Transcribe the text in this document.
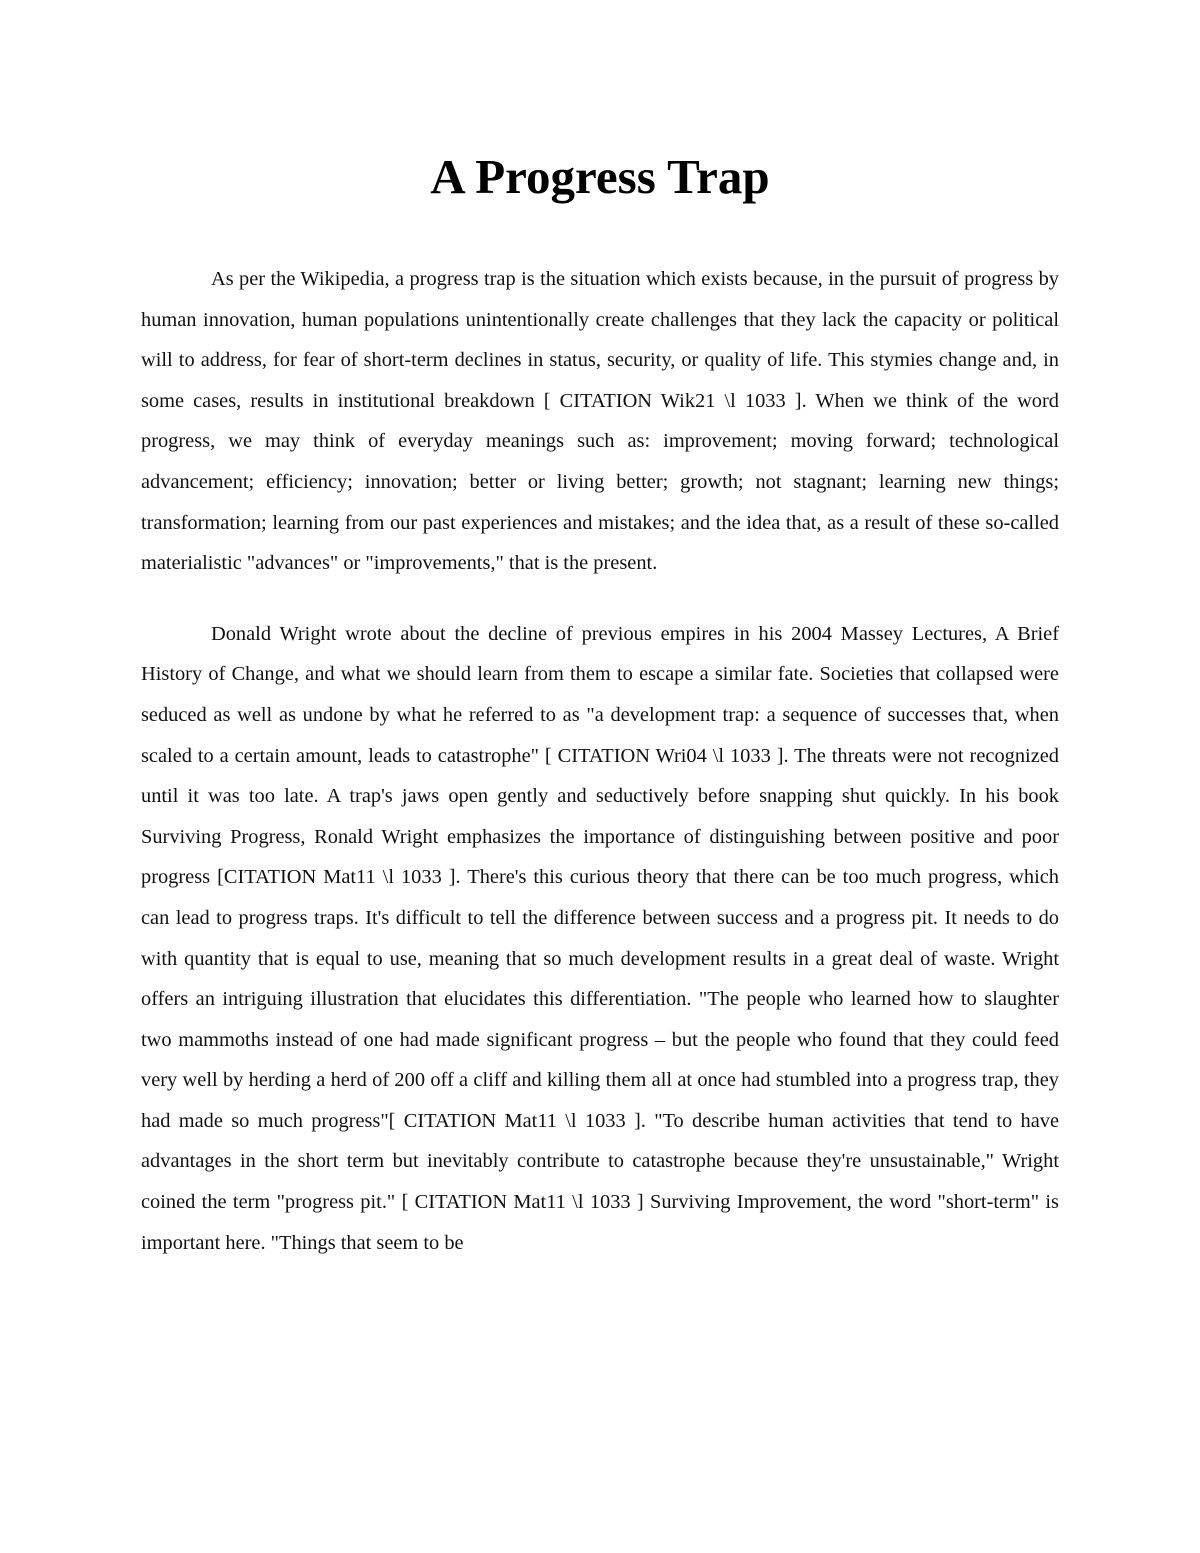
A Progress Trap

As per the Wikipedia, a progress trap is the situation which exists because, in the pursuit of progress by human innovation, human populations unintentionally create challenges that they lack the capacity or political will to address, for fear of short-term declines in status, security, or quality of life. This stymies change and, in some cases, results in institutional breakdown [ CITATION Wik21 \l 1033 ]. When we think of the word progress, we may think of everyday meanings such as: improvement; moving forward; technological advancement; efficiency; innovation; better or living better; growth; not stagnant; learning new things; transformation; learning from our past experiences and mistakes; and the idea that, as a result of these so-called materialistic "advances" or "improvements," that is the present.

Donald Wright wrote about the decline of previous empires in his 2004 Massey Lectures, A Brief History of Change, and what we should learn from them to escape a similar fate. Societies that collapsed were seduced as well as undone by what he referred to as "a development trap: a sequence of successes that, when scaled to a certain amount, leads to catastrophe" [ CITATION Wri04 \l 1033 ]. The threats were not recognized until it was too late. A trap's jaws open gently and seductively before snapping shut quickly. In his book Surviving Progress, Ronald Wright emphasizes the importance of distinguishing between positive and poor progress [CITATION Mat11 \l 1033 ]. There's this curious theory that there can be too much progress, which can lead to progress traps. It's difficult to tell the difference between success and a progress pit. It needs to do with quantity that is equal to use, meaning that so much development results in a great deal of waste. Wright offers an intriguing illustration that elucidates this differentiation. "The people who learned how to slaughter two mammoths instead of one had made significant progress – but the people who found that they could feed very well by herding a herd of 200 off a cliff and killing them all at once had stumbled into a progress trap, they had made so much progress"[ CITATION Mat11 \l 1033 ]. "To describe human activities that tend to have advantages in the short term but inevitably contribute to catastrophe because they're unsustainable," Wright coined the term "progress pit." [ CITATION Mat11 \l 1033 ] Surviving Improvement, the word "short-term" is important here. "Things that seem to be
